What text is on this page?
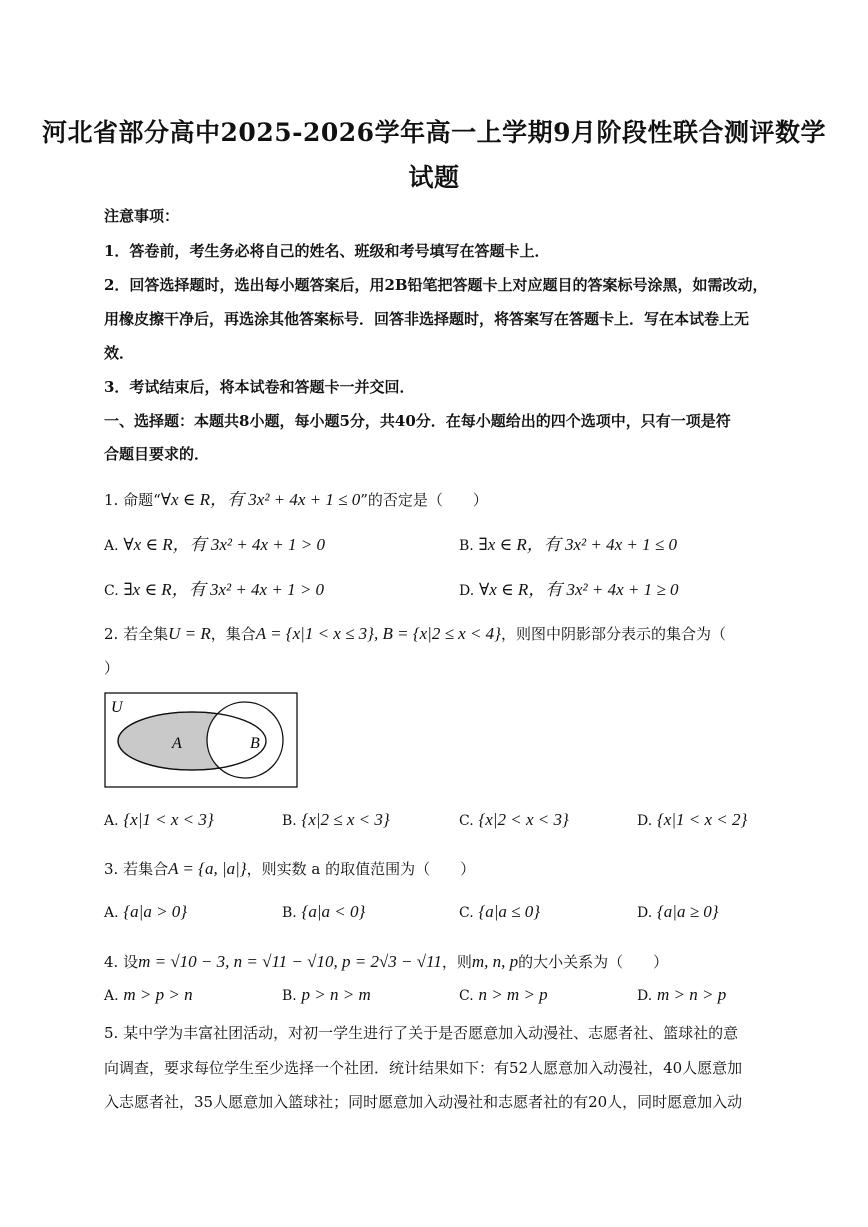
河北省部分高中2025-2026学年高一上学期9月阶段性联合测评数学
试题
注意事项：
1．答卷前，考生务必将自己的姓名、班级和考号填写在答题卡上．
2．回答选择题时，选出每小题答案后，用2B铅笔把答题卡上对应题目的答案标号涂黑，如需改动，
用橡皮擦干净后，再选涂其他答案标号．回答非选择题时，将答案写在答题卡上．写在本试卷上无
效．
3．考试结束后，将本试卷和答题卡一并交回．
一、选择题：本题共8小题，每小题5分，共40分．在每小题给出的四个选项中，只有一项是符
合题目要求的．
1. 命题“∀x ∈ R，有 3x² + 4x + 1 ≤ 0”的否定是（　　）
A. ∀x ∈ R，有 3x² + 4x + 1 > 0	B. ∃x ∈ R，有 3x² + 4x + 1 ≤ 0
C. ∃x ∈ R，有 3x² + 4x + 1 > 0	D. ∀x ∈ R，有 3x² + 4x + 1 ≥ 0
2. 若全集U = R，集合A = {x|1 < x ≤ 3}, B = {x|2 ≤ x < 4}，则图中阴影部分表示的集合为（
）
U
A	B
A. {x|1 < x < 3}	B. {x|2 ≤ x < 3}	C. {x|2 < x < 3}	D. {x|1 < x < 2}
3. 若集合A = {a, |a|}，则实数 a 的取值范围为（　　）
A. {a|a > 0}	B. {a|a < 0}	C. {a|a ≤ 0}	D. {a|a ≥ 0}
4. 设m = √10 − 3, n = √11 − √10, p = 2√3 − √11，则m, n, p的大小关系为（　　）
A. m > p > n	B. p > n > m	C. n > m > p	D. m > n > p
5. 某中学为丰富社团活动，对初一学生进行了关于是否愿意加入动漫社、志愿者社、篮球社的意
向调查，要求每位学生至少选择一个社团．统计结果如下：有52人愿意加入动漫社，40人愿意加
入志愿者社，35人愿意加入篮球社；同时愿意加入动漫社和志愿者社的有20人，同时愿意加入动
